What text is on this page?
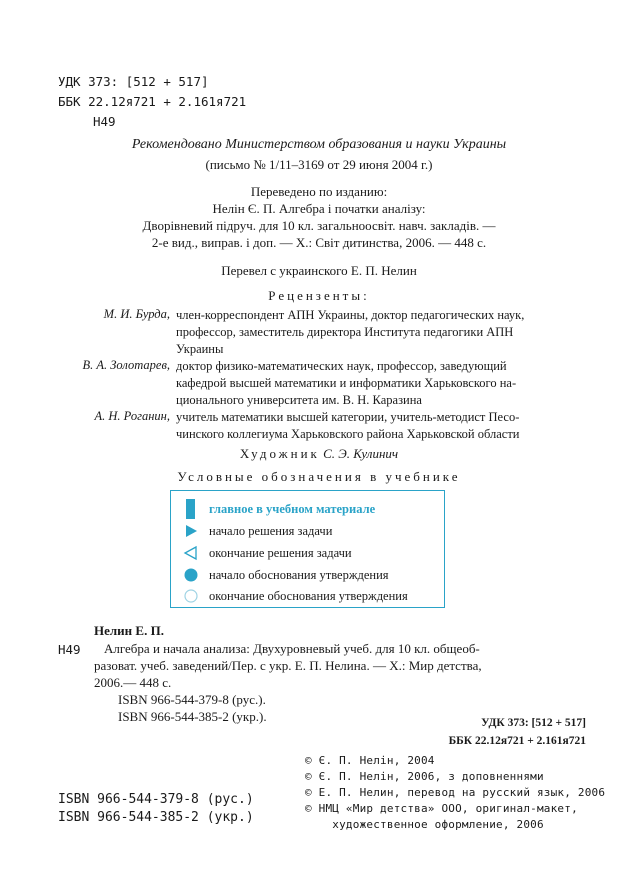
УДК 373: [512 + 517]
ББК 22.12я721 + 2.161я721
Н49
Рекомендовано Министерством образования и науки Украины
(письмо № 1/11–3169 от 29 июня 2004 г.)
Переведено по изданию:
Нелін Є. П. Алгебра і початки аналізу:
Дворівневий підруч. для 10 кл. загальноосвіт. навч. закладів. —
2-е вид., виправ. і доп. — Х.: Світ дитинства, 2006. — 448 с.
Перевел с украинского Е. П. Нелин
Рецензенты:
М. И. Бурда, член-корреспондент АПН Украины, доктор педагогических наук,
профессор, заместитель директора Института педагогики АПН
Украины
В. А. Золотарев, доктор физико-математических наук, профессор, заведующий
кафедрой высшей математики и информатики Харьковского на-
ционального университета им. В. Н. Каразина
А. Н. Роганин, учитель математики высшей категории, учитель-методист Песо-
чинского коллегиума Харьковского района Харьковской области
Художник С. Э. Кулинич
Условные обозначения в учебнике
главное в учебном материале
начало решения задачи
окончание решения задачи
начало обоснования утверждения
окончание обоснования утверждения
Нелин Е. П.
Н49 Алгебра и начала анализа: Двухуровневый учеб. для 10 кл. общеоб-
разоват. учеб. заведений/Пер. с укр. Е. П. Нелина. — Х.: Мир детства,
2006.— 448 с.
ISBN 966-544-379-8 (рус.).
ISBN 966-544-385-2 (укр.).	УДК 373: [512 + 517]
ББК 22.12я721 + 2.161я721
© Є. П. Нелін, 2004
© Є. П. Нелін, 2006, з доповненнями
© Е. П. Нелин, перевод на русский язык, 2006
© НМЦ «Мир детства» ООО, оригинал-макет,
художественное оформление, 2006
ISBN 966-544-379-8 (рус.)
ISBN 966-544-385-2 (укр.)
